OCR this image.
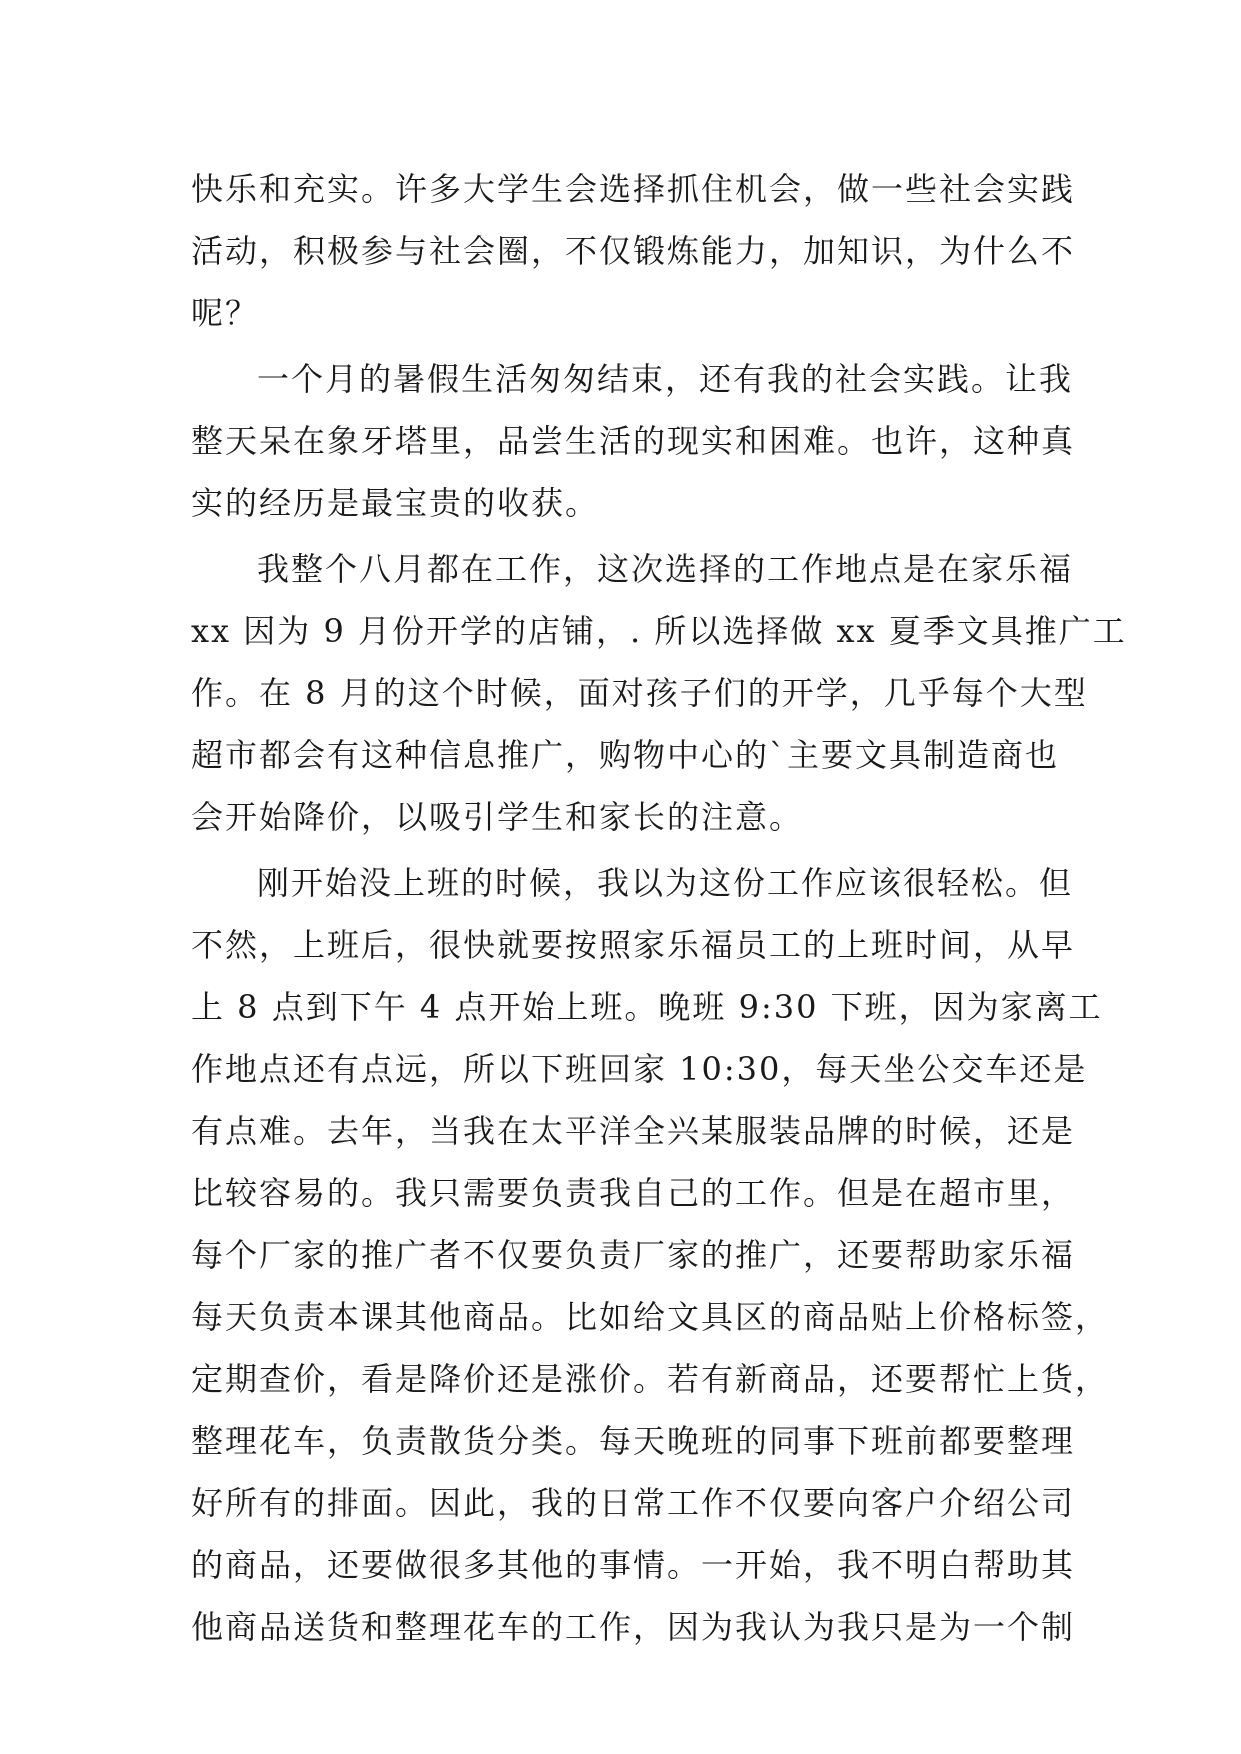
快乐和充实。许多大学生会选择抓住机会，做一些社会实践
活动，积极参与社会圈，不仅锻炼能力，加知识，为什么不
呢？
一个月的暑假生活匆匆结束，还有我的社会实践。让我
整天呆在象牙塔里，品尝生活的现实和困难。也许，这种真
实的经历是最宝贵的收获。
我整个八月都在工作，这次选择的工作地点是在家乐福
xx 因为 9 月份开学的店铺，. 所以选择做 xx 夏季文具推广工
作。在 8 月的这个时候，面对孩子们的开学，几乎每个大型
超市都会有这种信息推广，购物中心的`主要文具制造商也
会开始降价，以吸引学生和家长的注意。
刚开始没上班的时候，我以为这份工作应该很轻松。但
不然，上班后，很快就要按照家乐福员工的上班时间，从早
上 8 点到下午 4 点开始上班。晚班 9:30 下班，因为家离工
作地点还有点远，所以下班回家 10:30，每天坐公交车还是
有点难。去年，当我在太平洋全兴某服装品牌的时候，还是
比较容易的。我只需要负责我自己的工作。但是在超市里，
每个厂家的推广者不仅要负责厂家的推广，还要帮助家乐福
每天负责本课其他商品。比如给文具区的商品贴上价格标签，
定期查价，看是降价还是涨价。若有新商品，还要帮忙上货，
整理花车，负责散货分类。每天晚班的同事下班前都要整理
好所有的排面。因此，我的日常工作不仅要向客户介绍公司
的商品，还要做很多其他的事情。一开始，我不明白帮助其
他商品送货和整理花车的工作，因为我认为我只是为一个制
